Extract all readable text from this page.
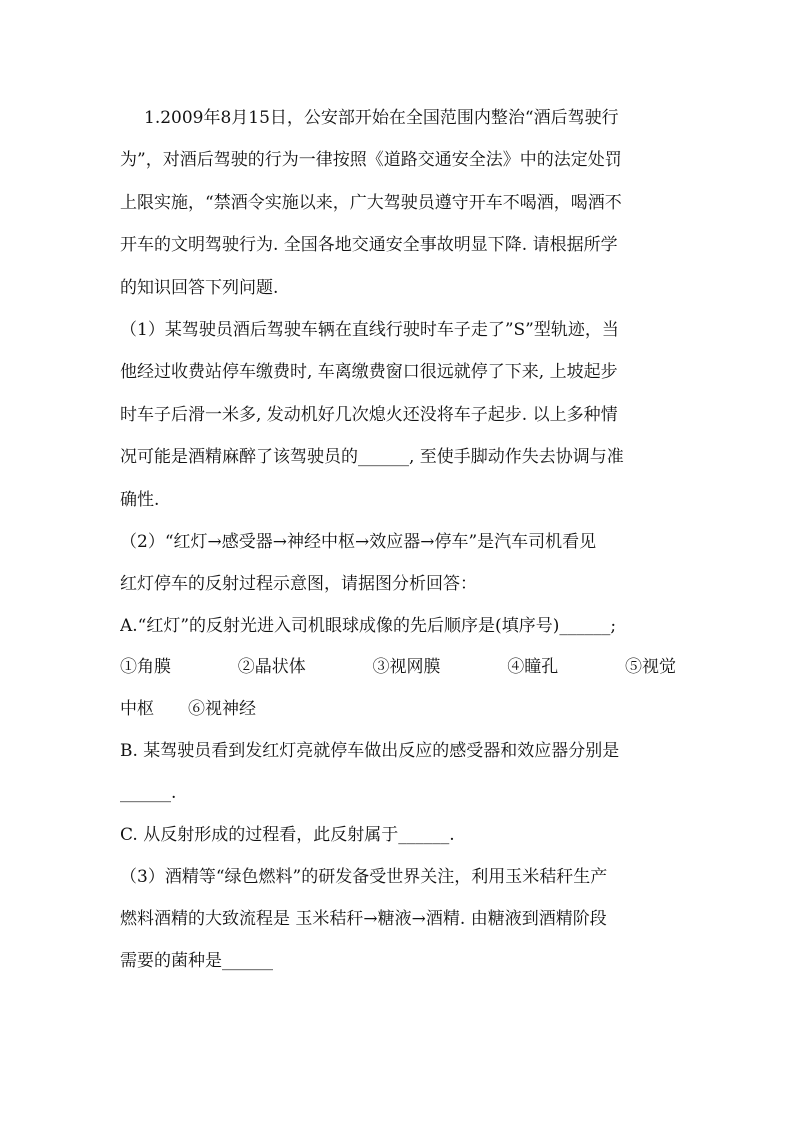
1.2009年8月15日，公安部开始在全国范围内整治“酒后驾驶行

为”，对酒后驾驶的行为一律按照《道路交通安全法》中的法定处罚

上限实施，“禁酒令实施以来，广大驾驶员遵守开车不喝酒，喝酒不

开车的文明驾驶行为. 全国各地交通安全事故明显下降. 请根据所学

的知识回答下列问题.

（1）某驾驶员酒后驾驶车辆在直线行驶时车子走了”S”型轨迹，当

他经过收费站停车缴费时, 车离缴费窗口很远就停了下来, 上坡起步

时车子后滑一米多, 发动机好几次熄火还没将车子起步. 以上多种情

况可能是酒精麻醉了该驾驶员的______, 至使手脚动作失去协调与准

确性.

（2）“红灯→感受器→神经中枢→效应器→停车”是汽车司机看见

红灯停车的反射过程示意图，请据图分析回答：

A.“红灯”的反射光进入司机眼球成像的先后顺序是(填序号)______;

①角膜	②晶状体	③视网膜	④瞳孔	⑤视觉

中枢　　⑥视神经

B. 某驾驶员看到发红灯亮就停车做出反应的感受器和效应器分别是

______.

C. 从反射形成的过程看，此反射属于______.

（3）酒精等“绿色燃料”的研发备受世界关注，利用玉米秸秆生产

燃料酒精的大致流程是 玉米秸秆→糖液→酒精. 由糖液到酒精阶段

需要的菌种是______
